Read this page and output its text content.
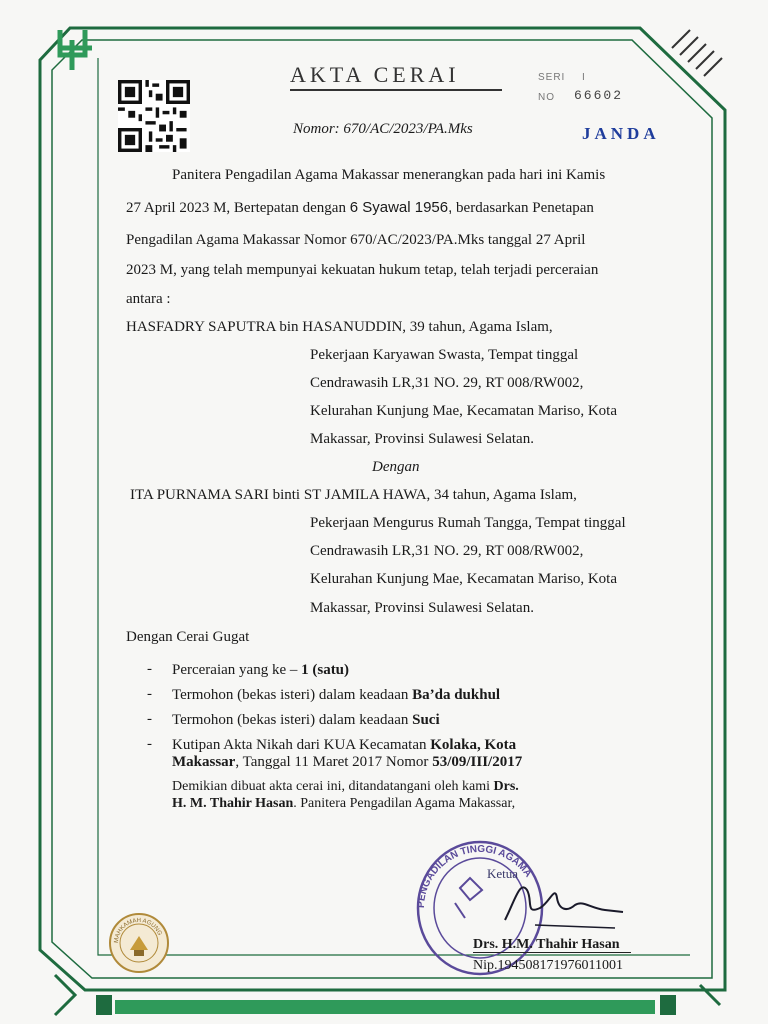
AKTA CERAI	SERI I
NO 66602
Nomor: 670/AC/2023/PA.Mks	JANDA
Panitera Pengadilan Agama Makassar menerangkan pada hari ini Kamis
27 April 2023 M, Bertepatan dengan 6 Syawal 1956, berdasarkan Penetapan
Pengadilan Agama Makassar Nomor 670/AC/2023/PA.Mks tanggal 27 April
2023 M, yang telah mempunyai kekuatan hukum tetap, telah terjadi perceraian
antara :
HASFADRY SAPUTRA bin HASANUDDIN, 39 tahun, Agama Islam,
Pekerjaan Karyawan Swasta, Tempat tinggal
Cendrawasih LR,31 NO. 29, RT 008/RW002,
Kelurahan Kunjung Mae, Kecamatan Mariso, Kota
Makassar, Provinsi Sulawesi Selatan.
Dengan
ITA PURNAMA SARI binti ST JAMILA HAWA, 34 tahun, Agama Islam,
Pekerjaan Mengurus Rumah Tangga, Tempat tinggal
Cendrawasih LR,31 NO. 29, RT 008/RW002,
Kelurahan Kunjung Mae, Kecamatan Mariso, Kota
Makassar, Provinsi Sulawesi Selatan.
Dengan Cerai Gugat
- Perceraian yang ke – 1 (satu)
- Termohon (bekas isteri) dalam keadaan Ba’da dukhul
- Termohon (bekas isteri) dalam keadaan Suci
- Kutipan Akta Nikah dari KUA Kecamatan Kolaka, Kota
Makassar, Tanggal 11 Maret 2017 Nomor 53/09/III/2017
Demikian dibuat akta cerai ini, ditandatangani oleh kami Drs.
H. M. Thahir Hasan. Panitera Pengadilan Agama Makassar,
MAHKAMAH AGUNG
PENGADILAN TINGGI AGAMA
Ketua
Drs. H.M. Thahir Hasan
Nip.194508171976011001
